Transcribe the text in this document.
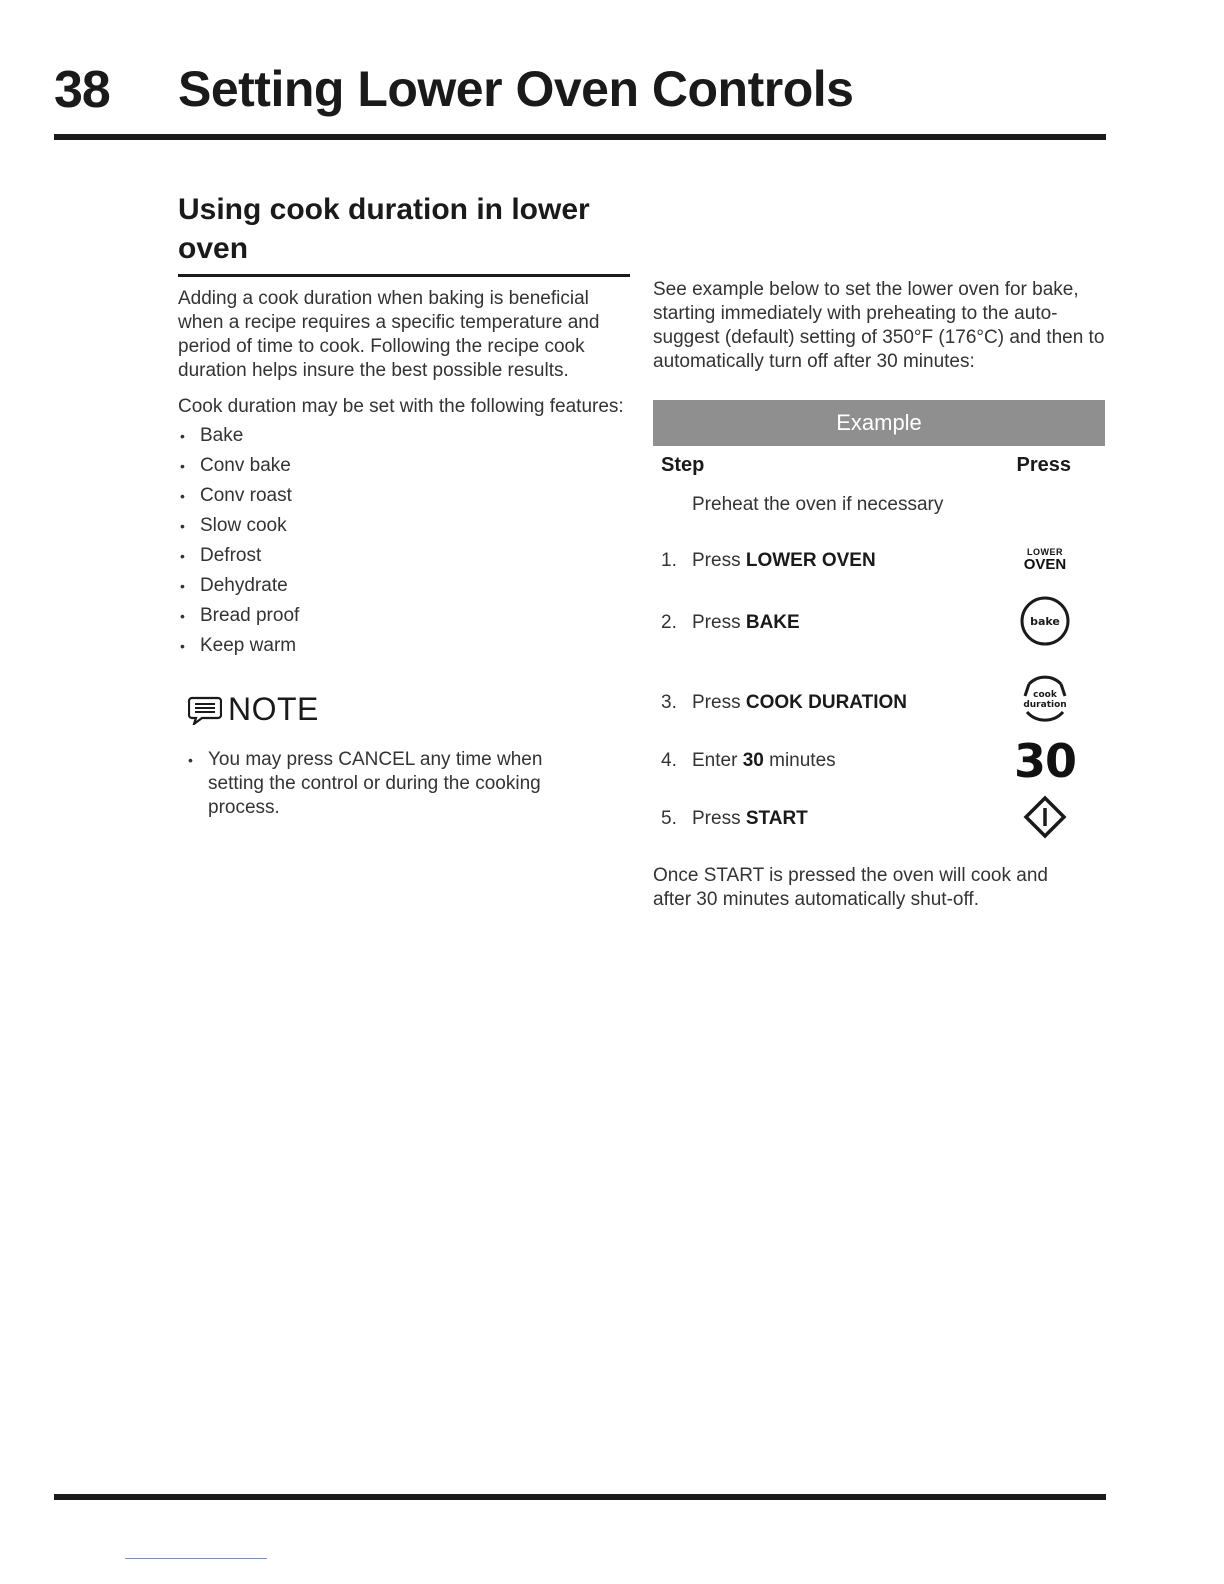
38 Setting Lower Oven Controls
Using cook duration in lower oven

Adding a cook duration when baking is beneficial when a recipe requires a specific temperature and period of time to cook. Following the recipe cook duration helps insure the best possible results.

Cook duration may be set with the following features:

• Bake
• Conv bake
• Conv roast
• Slow cook
• Defrost
• Dehydrate
• Bread proof
• Keep warm
NOTE
• You may press CANCEL any time when setting the control or during the cooking process.

See example below to set the lower oven for bake, starting immediately with preheating to the auto-suggest (default) setting of 350°F (176°C) and then to automatically turn off after 30 minutes:

Example
Step	Press
Preheat the oven if necessary
1. Press LOWER OVEN	LOWER
OVEN
2. Press BAKE	bake
3. Press COOK DURATION	cook
duration
4. Enter 30 minutes	30
5. Press START

Once START is pressed the oven will cook and after 30 minutes automatically shut-off.
